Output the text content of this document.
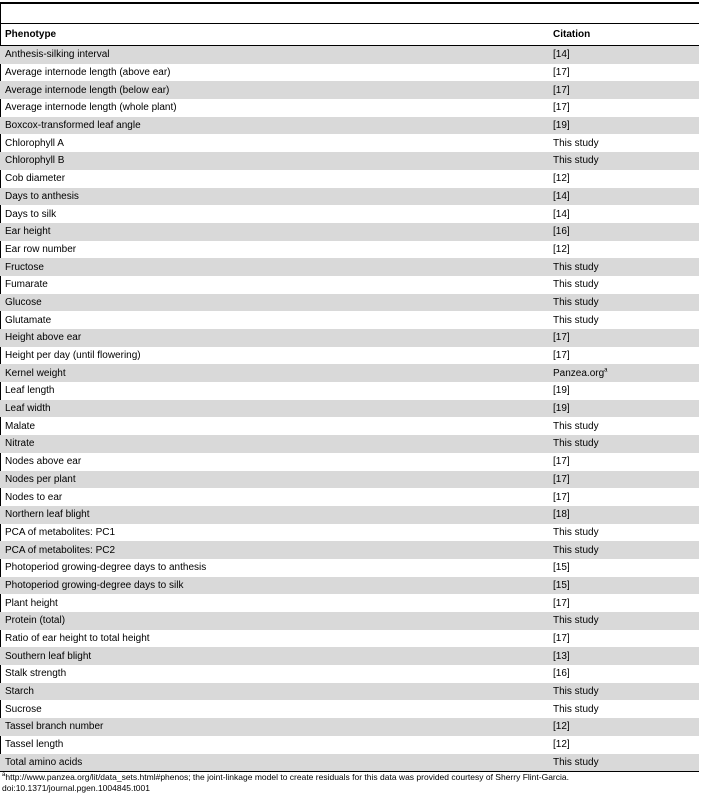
Phenotype	Citation
Anthesis-silking interval	[14]
Average internode length (above ear)	[17]
Average internode length (below ear)	[17]
Average internode length (whole plant)	[17]
Boxcox-transformed leaf angle	[19]
Chlorophyll A	This study
Chlorophyll B	This study
Cob diameter	[12]
Days to anthesis	[14]
Days to silk	[14]
Ear height	[16]
Ear row number	[12]
Fructose	This study
Fumarate	This study
Glucose	This study
Glutamate	This study
Height above ear	[17]
Height per day (until flowering)	[17]
Kernel weight	Panzea.org$^a$
Leaf length	[19]
Leaf width	[19]
Malate	This study
Nitrate	This study
Nodes above ear	[17]
Nodes per plant	[17]
Nodes to ear	[17]
Northern leaf blight	[18]
PCA of metabolites: PC1	This study
PCA of metabolites: PC2	This study
Photoperiod growing-degree days to anthesis	[15]
Photoperiod growing-degree days to silk	[15]
Plant height	[17]
Protein (total)	This study
Ratio of ear height to total height	[17]
Southern leaf blight	[13]
Stalk strength	[16]
Starch	This study
Sucrose	This study
Tassel branch number	[12]
Tassel length	[12]
Total amino acids	This study
$^a$http://www.panzea.org/lit/data_sets.html#phenos; the joint-linkage model to create residuals for this data was provided courtesy of Sherry Flint-Garcia.
doi:10.1371/journal.pgen.1004845.t001
